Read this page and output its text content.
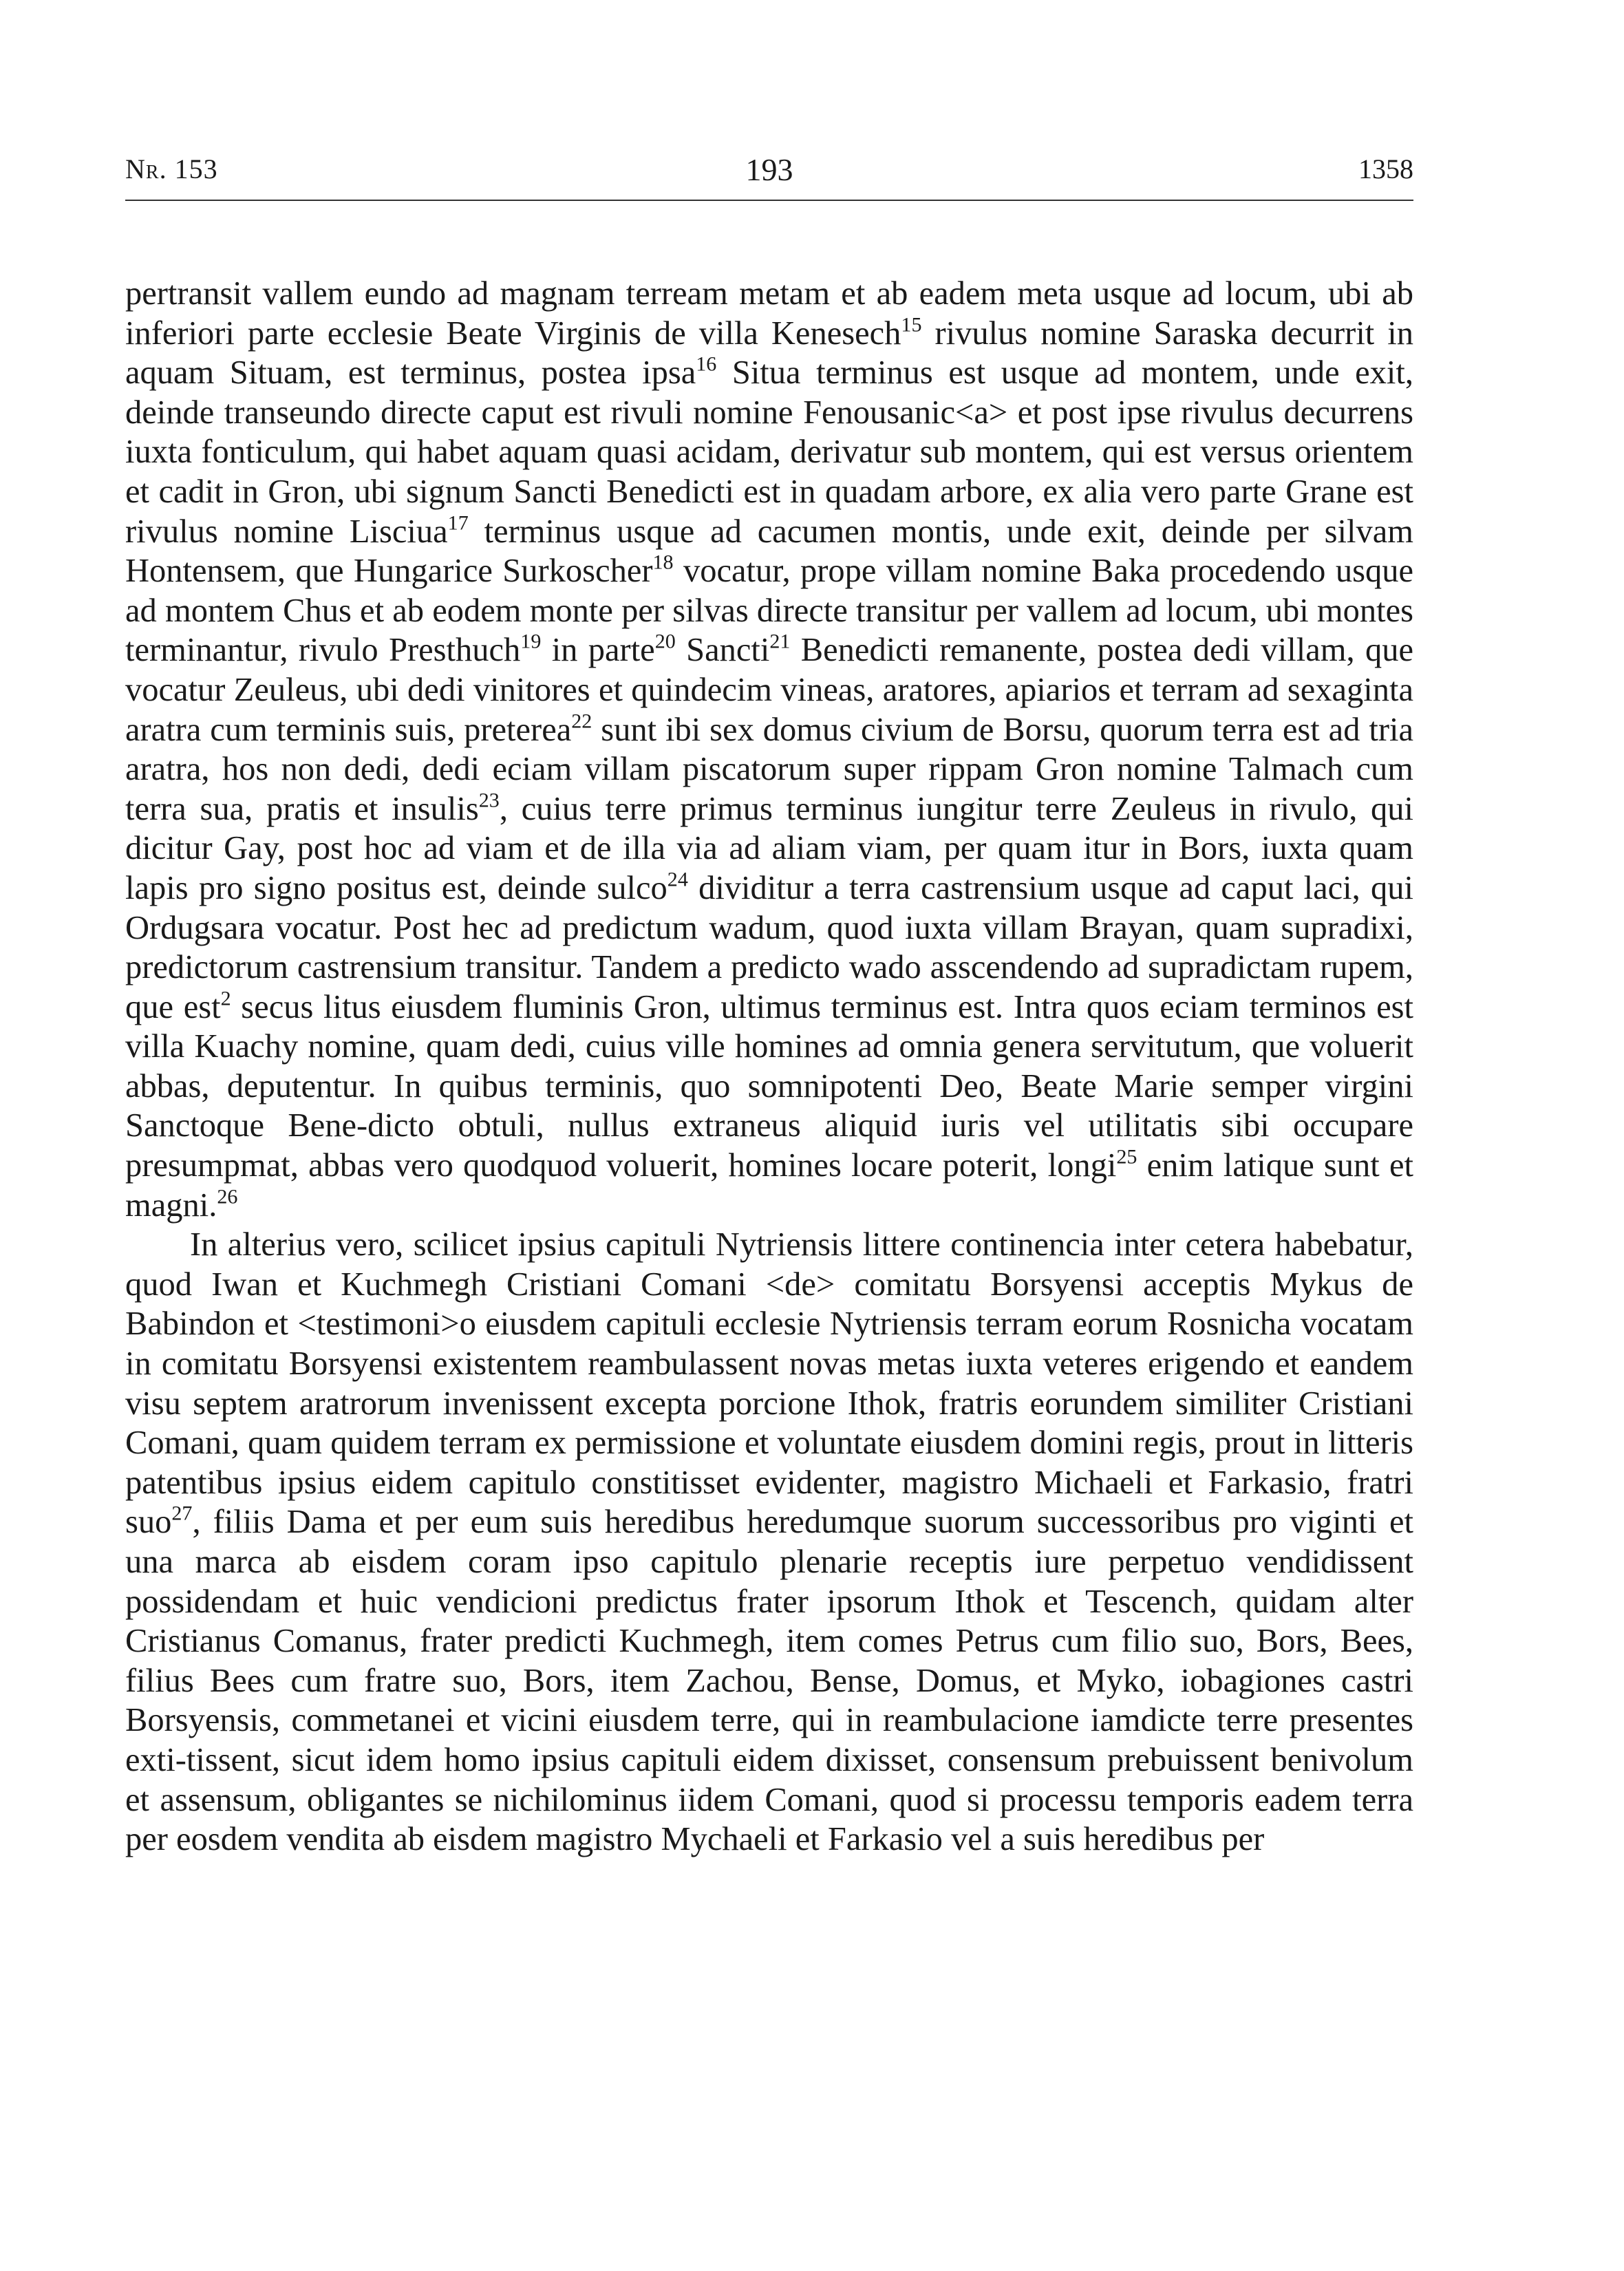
Nr. 153	193	1358

pertransit vallem eundo ad magnam terream metam et ab eadem meta usque ad locum, ubi ab inferiori parte ecclesie Beate Virginis de villa Kenesech$^{15}$ rivulus nomine Saraska decurrit in aquam Situam, est terminus, postea ipsa$^{16}$ Situa terminus est usque ad montem, unde exit, deinde transeundo directe caput est rivuli nomine Fenousanic<a> et post ipse rivulus decurrens iuxta fonticulum, qui habet aquam quasi acidam, derivatur sub montem, qui est versus orientem et cadit in Gron, ubi signum Sancti Benedicti est in quadam arbore, ex alia vero parte Grane est rivulus nomine Lisciua$^{17}$ terminus usque ad cacumen montis, unde exit, deinde per silvam Hontensem, que Hungarice Surkoscher$^{18}$ vocatur, prope villam nomine Baka procedendo usque ad montem Chus et ab eodem monte per silvas directe transitur per vallem ad locum, ubi montes terminantur, rivulo Presthuch$^{19}$ in parte$^{20}$ Sancti$^{21}$ Benedicti remanente, postea dedi villam, que vocatur Zeuleus, ubi dedi vinitores et quindecim vineas, aratores, apiarios et terram ad sexaginta aratra cum terminis suis, preterea$^{22}$ sunt ibi sex domus civium de Borsu, quorum terra est ad tria aratra, hos non dedi, dedi eciam villam piscatorum super rippam Gron nomine Talmach cum terra sua, pratis et insulis$^{23}$, cuius terre primus terminus iungitur terre Zeuleus in rivulo, qui dicitur Gay, post hoc ad viam et de illa via ad aliam viam, per quam itur in Bors, iuxta quam lapis pro signo positus est, deinde sulco$^{24}$ dividitur a terra castrensium usque ad caput laci, qui Ordugsara vocatur. Post hec ad predictum wadum, quod iuxta villam Brayan, quam supradixi, predictorum castrensium transitur. Tandem a predicto wado asscendendo ad supradictam rupem, que est$^2$ secus litus eiusdem fluminis Gron, ultimus terminus est. Intra quos eciam terminos est villa Kuachy nomine, quam dedi, cuius ville homines ad omnia genera servitutum, que voluerit abbas, deputentur. In quibus terminis, quo somnipotenti Deo, Beate Marie semper virgini Sanctoque Bene-dicto obtuli, nullus extraneus aliquid iuris vel utilitatis sibi occupare presumpmat, abbas vero quodquod voluerit, homines locare poterit, longi$^{25}$ enim latique sunt et magni.$^{26}$

In alterius vero, scilicet ipsius capituli Nytriensis littere continencia inter cetera habebatur, quod Iwan et Kuchmegh Cristiani Comani <de> comitatu Borsyensi acceptis Mykus de Babindon et <testimoni>o eiusdem capituli ecclesie Nytriensis terram eorum Rosnicha vocatam in comitatu Borsyensi existentem reambulassent novas metas iuxta veteres erigendo et eandem visu septem aratrorum invenissent excepta porcione Ithok, fratris eorundem similiter Cristiani Comani, quam quidem terram ex permissione et voluntate eiusdem domini regis, prout in litteris patentibus ipsius eidem capitulo constitisset evidenter, magistro Michaeli et Farkasio, fratri suo$^{27}$, filiis Dama et per eum suis heredibus heredumque suorum successoribus pro viginti et una marca ab eisdem coram ipso capitulo plenarie receptis iure perpetuo vendidissent possidendam et huic vendicioni predictus frater ipsorum Ithok et Tescench, quidam alter Cristianus Comanus, frater predicti Kuchmegh, item comes Petrus cum filio suo, Bors, Bees, filius Bees cum fratre suo, Bors, item Zachou, Bense, Domus, et Myko, iobagiones castri Borsyensis, commetanei et vicini eiusdem terre, qui in reambulacione iamdicte terre presentes exti-tissent, sicut idem homo ipsius capituli eidem dixisset, consensum prebuissent benivolum et assensum, obligantes se nichilominus iidem Comani, quod si processu temporis eadem terra per eosdem vendita ab eisdem magistro Mychaeli et Farkasio vel a suis heredibus per
